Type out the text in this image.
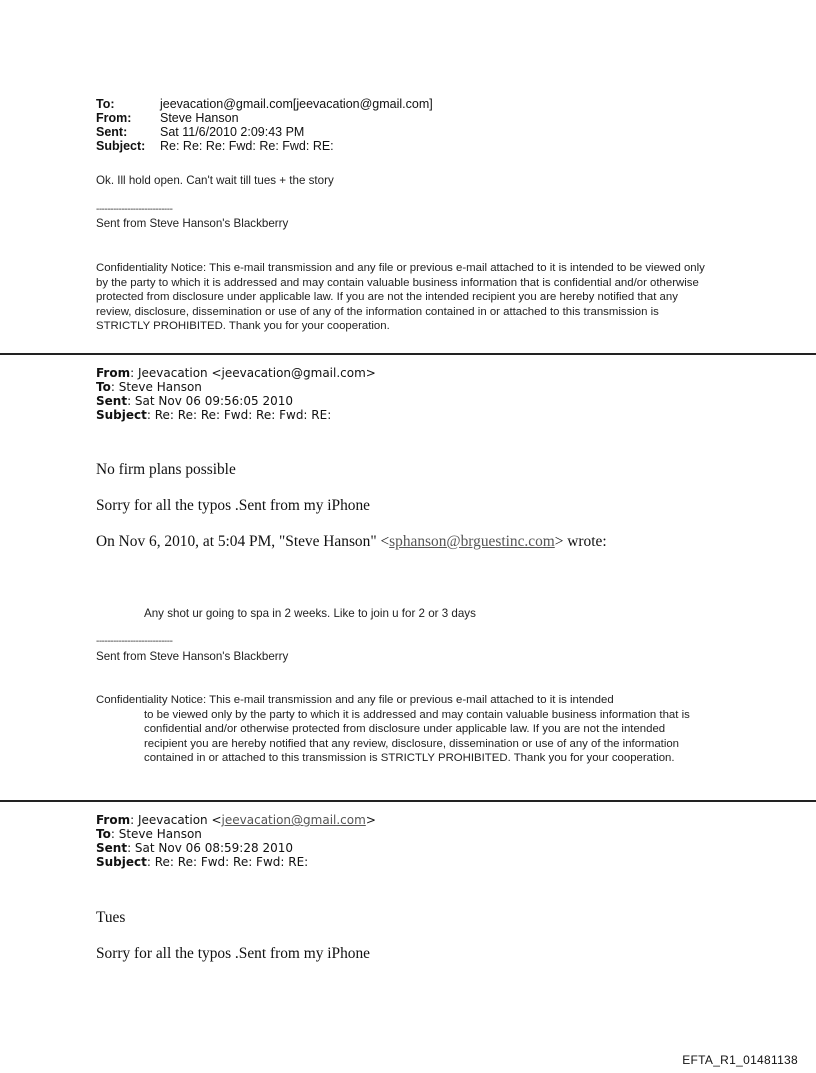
To:	jeevacation@gmail.com[jeevacation@gmail.com]
From: Steve Hanson
Sent:	Sat 11/6/2010 2:09:43 PM
Subject: Re: Re: Re: Fwd: Re: Fwd: RE:
Ok. Ill hold open. Can't wait till tues + the story
---------------------------
Sent from Steve Hanson's Blackberry
Confidentiality Notice: This e-mail transmission and any file or previous e-mail attached to it is intended to be viewed only by the party to which it is addressed and may contain valuable business information that is confidential and/or otherwise protected from disclosure under applicable law. If you are not the intended recipient you are hereby notified that any review, disclosure, dissemination or use of any of the information contained in or attached to this transmission is STRICTLY PROHIBITED. Thank you for your cooperation.
From: Jeevacation <jeevacation@gmail.com>
To: Steve Hanson
Sent: Sat Nov 06 09:56:05 2010
Subject: Re: Re: Re: Fwd: Re: Fwd: RE:
No firm plans possible
Sorry for all the typos .Sent from my iPhone
On Nov 6, 2010, at 5:04 PM, "Steve Hanson" <sphanson@brguestinc.com> wrote:
Any shot ur going to spa in 2 weeks. Like to join u for 2 or 3 days
---------------------------
Sent from Steve Hanson's Blackberry
Confidentiality Notice: This e-mail transmission and any file or previous e-mail attached to it is intended
to be viewed only by the party to which it is addressed and may contain valuable business information that is confidential and/or otherwise protected from disclosure under applicable law. If you are not the intended recipient you are hereby notified that any review, disclosure, dissemination or use of any of the information contained in or attached to this transmission is STRICTLY PROHIBITED. Thank you for your cooperation.
From: Jeevacation <jeevacation@gmail.com>
To: Steve Hanson
Sent: Sat Nov 06 08:59:28 2010
Subject: Re: Re: Fwd: Re: Fwd: RE:
Tues
Sorry for all the typos .Sent from my iPhone
EFTA_R1_01481138
